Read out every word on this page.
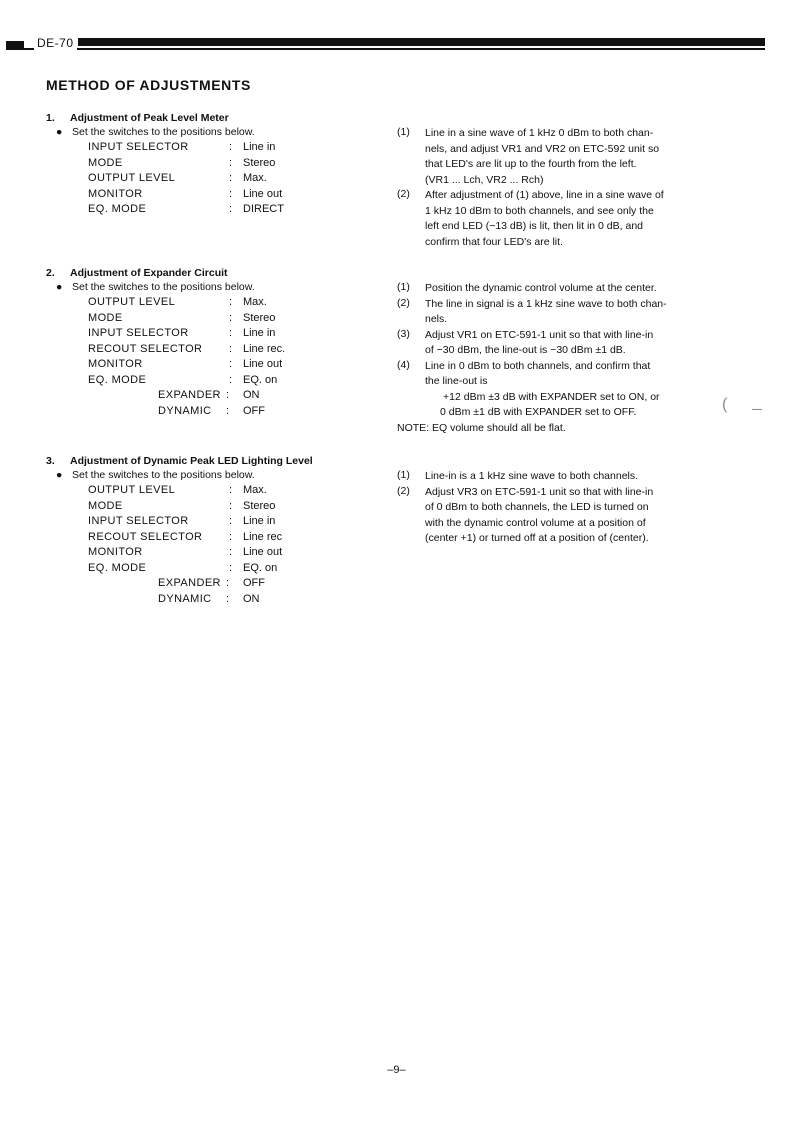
DE-70
METHOD OF ADJUSTMENTS
1. Adjustment of Peak Level Meter
● Set the switches to the positions below.
INPUT SELECTOR	: Line in
MODE	: Stereo
OUTPUT LEVEL	: Max.
MONITOR	: Line out
EQ. MODE	: DIRECT
(1) Line in a sine wave of 1 kHz 0 dBm to both chan-
nels, and adjust VR1 and VR2 on ETC-592 unit so
that LED's are lit up to the fourth from the left.
(VR1 ... Lch, VR2 ... Rch)
(2) After adjustment of (1) above, line in a sine wave of
1 kHz 10 dBm to both channels, and see only the
left end LED (−13 dB) is lit, then lit in 0 dB, and
confirm that four LED's are lit.
2. Adjustment of Expander Circuit
● Set the switches to the positions below.
OUTPUT LEVEL	: Max.
MODE	: Stereo
INPUT SELECTOR	: Line in
RECOUT SELECTOR : Line rec.
MONITOR	: Line out
EQ. MODE	: EQ. on
EXPANDER : ON
DYNAMIC : OFF
(1) Position the dynamic control volume at the center.
(2) The line in signal is a 1 kHz sine wave to both chan-
nels.
(3) Adjust VR1 on ETC-591-1 unit so that with line-in
of −30 dBm, the line-out is −30 dBm ±1 dB.
(4) Line in 0 dBm to both channels, and confirm that
the line-out is
+12 dBm ±3 dB with EXPANDER set to ON, or
0 dBm ±1 dB with EXPANDER set to OFF.
NOTE: EQ volume should all be flat.
3. Adjustment of Dynamic Peak LED Lighting Level
● Set the switches to the positions below.
OUTPUT LEVEL	: Max.
MODE	: Stereo
INPUT SELECTOR	: Line in
RECOUT SELECTOR : Line rec
MONITOR	: Line out
EQ. MODE	: EQ. on
EXPANDER : OFF
DYNAMIC : ON
(1) Line-in is a 1 kHz sine wave to both channels.
(2) Adjust VR3 on ETC-591-1 unit so that with line-in
of 0 dBm to both channels, the LED is turned on
with the dynamic control volume at a position of
(center +1) or turned off at a position of (center).
( —
–9–
